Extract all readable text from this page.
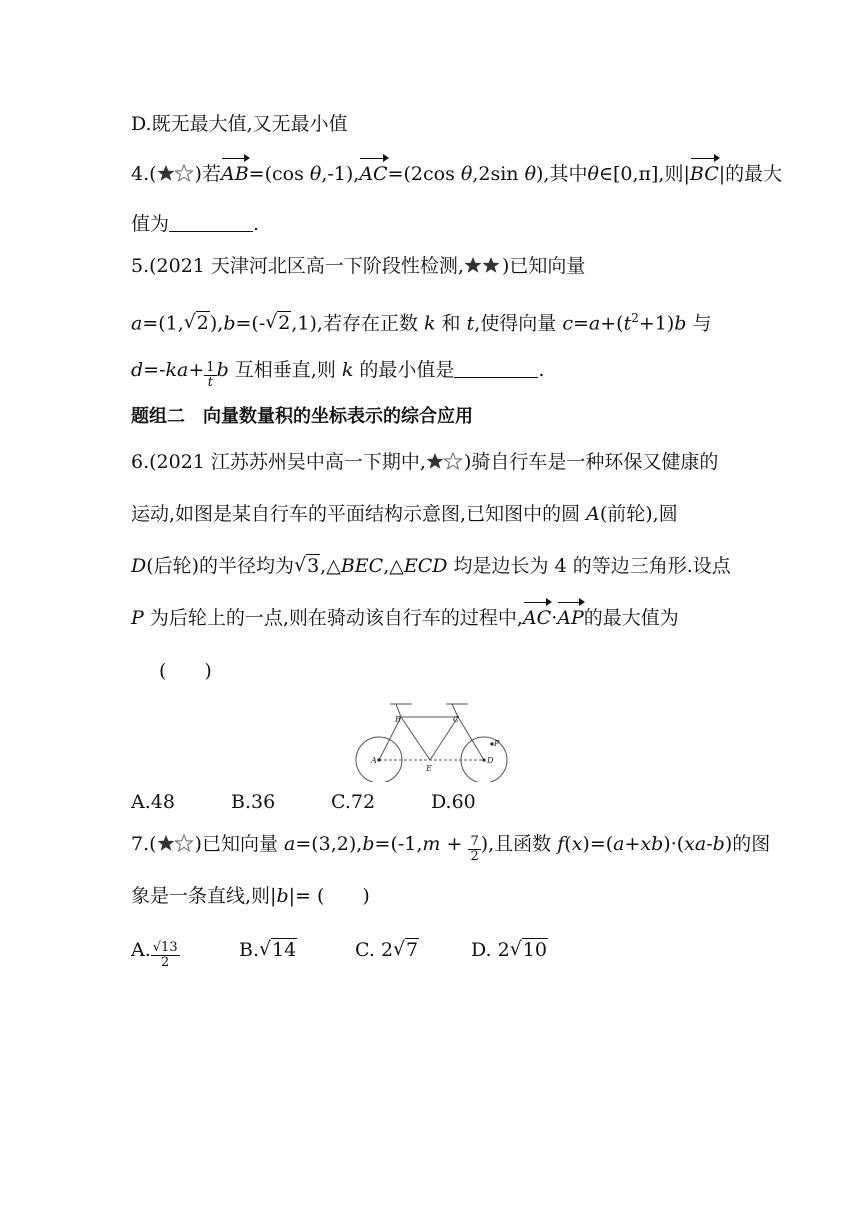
D.既无最大值,又无最小值
4.( )若AB=(cos θ,-1),AC=(2cos θ,2sin θ),其中θ∈[0,π],则|BC|的最大
值为	.
5.(2021 天津河北区高一下阶段性检测, )已知向量
a=(1, √ 2),b=(- √ 2,1),若存在正数 k 和 t,使得向量 $c=a+(t^2+1)b$ 与
$d=-ka+ \frac{1}{t}$ b 互相垂直,则 k 的最小值是	.
题组二　向量数量积的坐标表示的综合应用
6.(2021 江苏苏州吴中高一下期中, )骑自行车是一种环保又健康的
运动,如图是某自行车的平面结构示意图,已知图中的圆 A(前轮),圆
D(后轮)的半径均为 √ 3,△BEC,△ECD 均是边长为 4 的等边三角形.设点
P 为后轮上的一点,则在骑动该自行车的过程中,AC·AP的最大值为
(　　)
A
B	C
D
E
P
A.48	B.36	C.72	D.60
7.( )已知向量 $a=(3,2),b=(-1,m + \frac{7}{2}$ ),且函数 f(x)=(a+xb)·(xa-b)的图
象是一条直线,则|b|= (　　)
A. $\frac{√13}{2}$	B. √ 14	C. 2 √ 7	D. 2 √ 10
